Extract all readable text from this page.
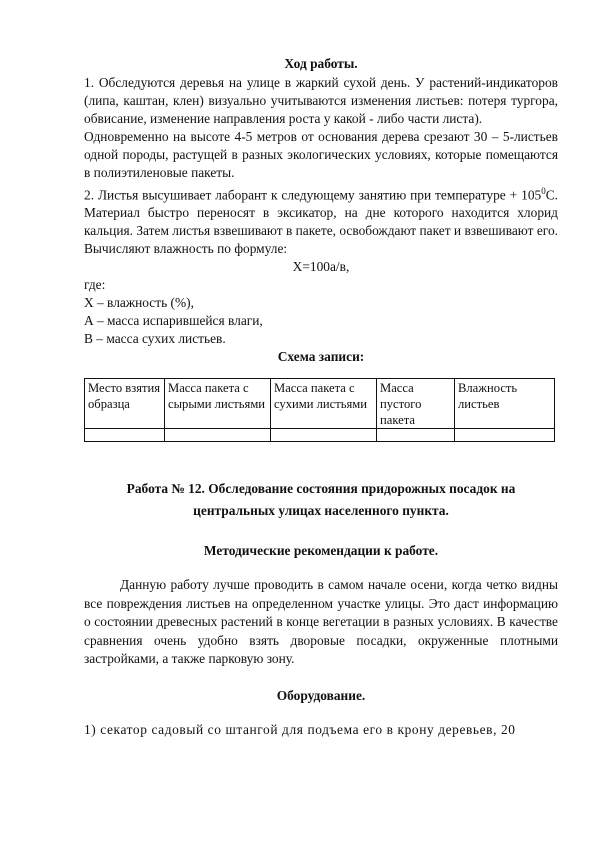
Ход работы.

1. Обследуются деревья на улице в жаркий сухой день. У растений-индикаторов (липа, каштан, клен) визуально учитываются изменения листьев: потеря тургора, обвисание, изменение направления роста у какой - либо части листа).

Одновременно на высоте 4-5 метров от основания дерева срезают 30 – 5-листьев одной породы, растущей в разных экологических условиях, которые помещаются в полиэтиленовые пакеты.

2. Листья высушивает лаборант к следующему занятию при температуре + $105^0С$. Материал быстро переносят в эксикатор, на дне которого находится хлорид кальция. Затем листья взвешивают в пакете, освобождают пакет и взвешивают его. Вычисляют влажность по формуле:

Х=100а/в,
где:
Х – влажность (%),
А – масса испарившейся влаги,
В – масса сухих листьев.
Схема записи:
Место взятия образца	Масса пакета с сырыми листьями	Масса пакета с сухими листьями	Масса пустого пакета	Влажность листьев

Работа № 12. Обследование состояния придорожных посадок на
центральных улицах населенного пункта.
Методические рекомендации к работе.

Данную работу лучше проводить в самом начале осени, когда четко видны все повреждения листьев на определенном участке улицы. Это даст информацию о состоянии древесных растений в конце вегетации в разных условиях. В качестве сравнения очень удобно взять дворовые посадки, окруженные плотными застройками, а также парковую зону.

Оборудование.

1) секатор садовый со штангой для подъема его в крону деревьев, 20
